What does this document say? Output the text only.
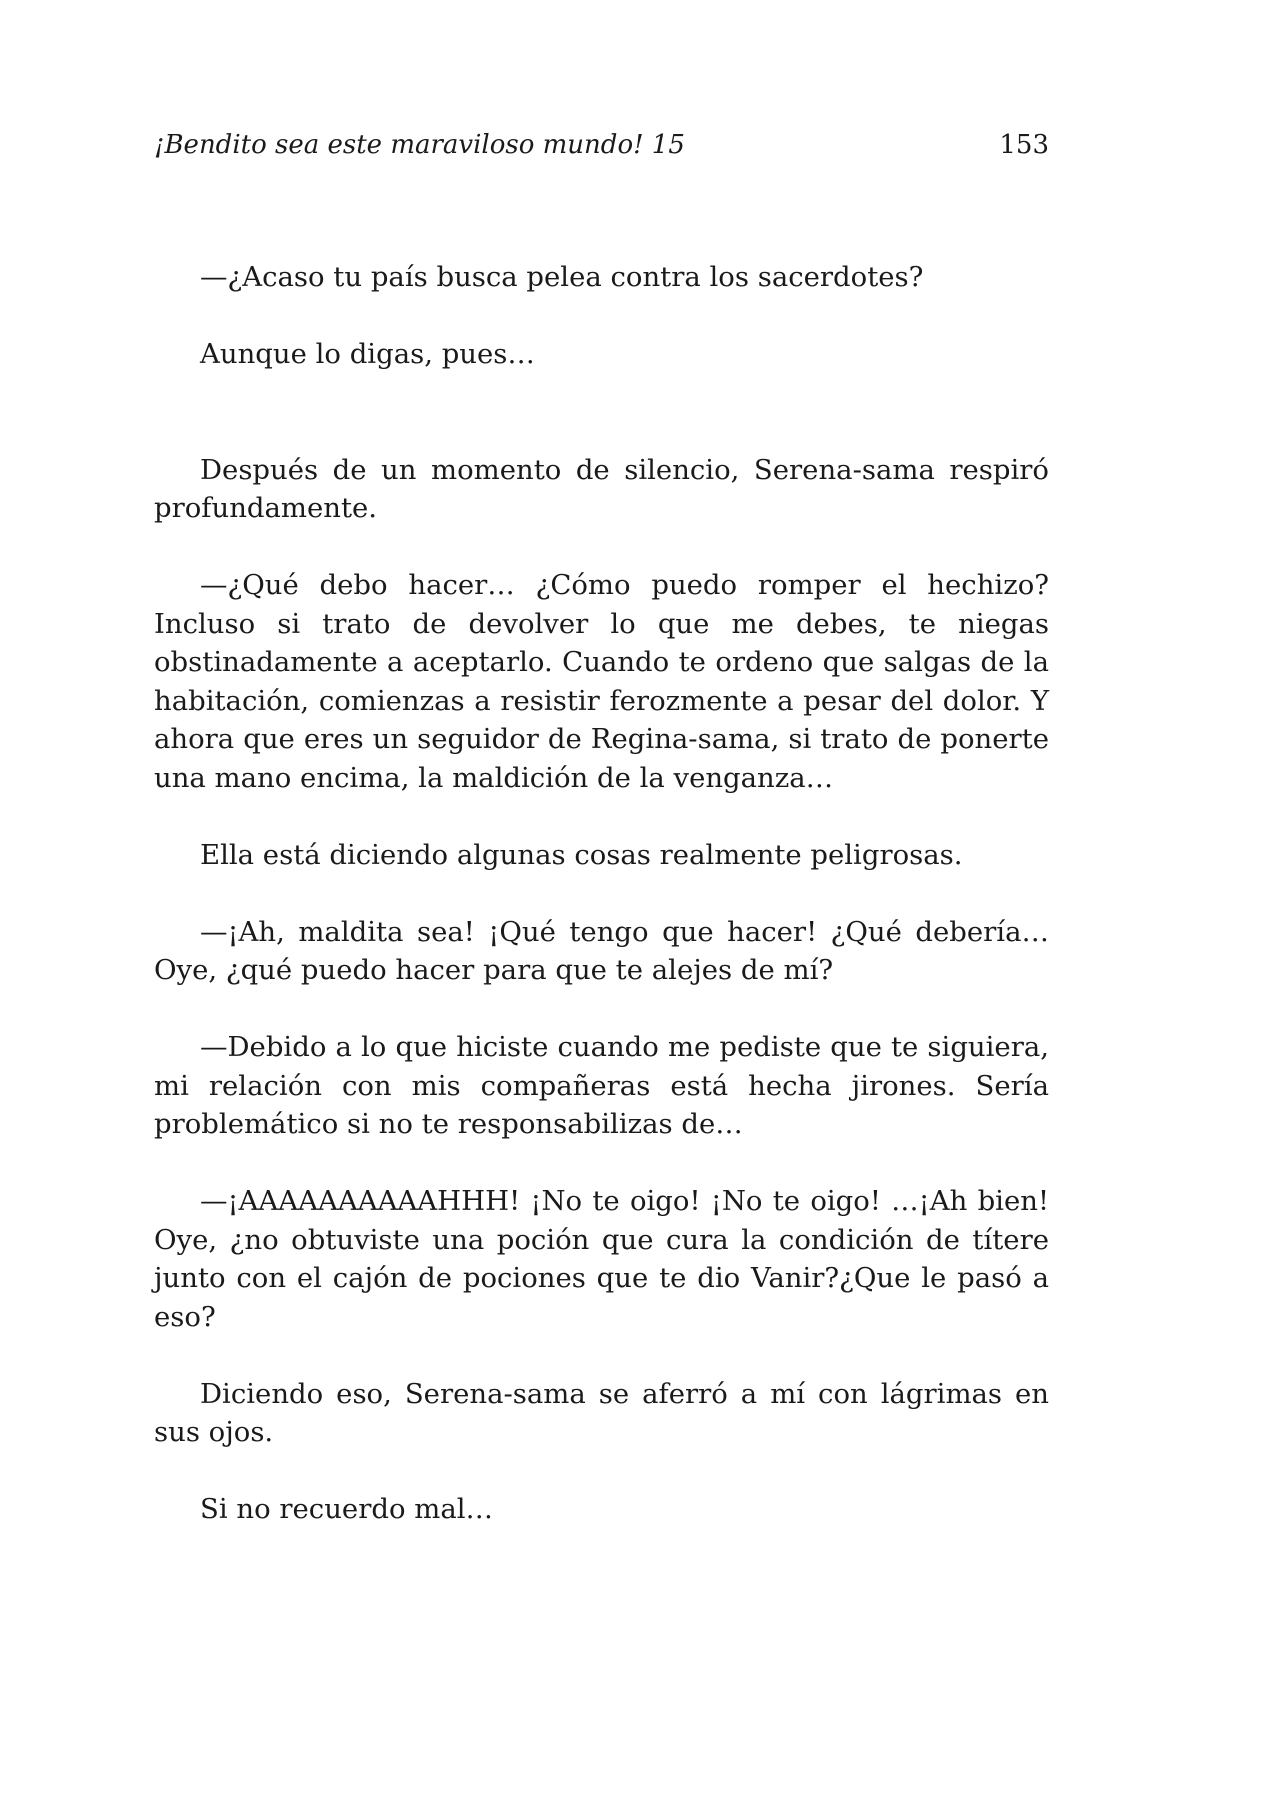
¡Bendito sea este maraviloso mundo! 15	153

—¿Acaso tu país busca pelea contra los sacerdotes?

Aunque lo digas, pues…

Después de un momento de silencio, Serena-sama respiró profundamente.

—¿Qué debo hacer… ¿Cómo puedo romper el hechizo? Incluso si trato de devolver lo que me debes, te niegas obstinadamente a aceptarlo. Cuando te ordeno que salgas de la habitación, comienzas a resistir ferozmente a pesar del dolor. Y ahora que eres un seguidor de Regina-sama, si trato de ponerte una mano encima, la maldición de la venganza…

Ella está diciendo algunas cosas realmente peligrosas.

—¡Ah, maldita sea! ¡Qué tengo que hacer! ¿Qué debería… Oye, ¿qué puedo hacer para que te alejes de mí?

—Debido a lo que hiciste cuando me pediste que te siguiera, mi relación con mis compañeras está hecha jirones. Sería problemático si no te responsabilizas de…

—¡AAAAAAAAAAHHH! ¡No te oigo! ¡No te oigo! …¡Ah bien! Oye, ¿no obtuviste una poción que cura la condición de títere junto con el cajón de pociones que te dio Vanir?¿Que le pasó a eso?

Diciendo eso, Serena-sama se aferró a mí con lágrimas en sus ojos.

Si no recuerdo mal…
